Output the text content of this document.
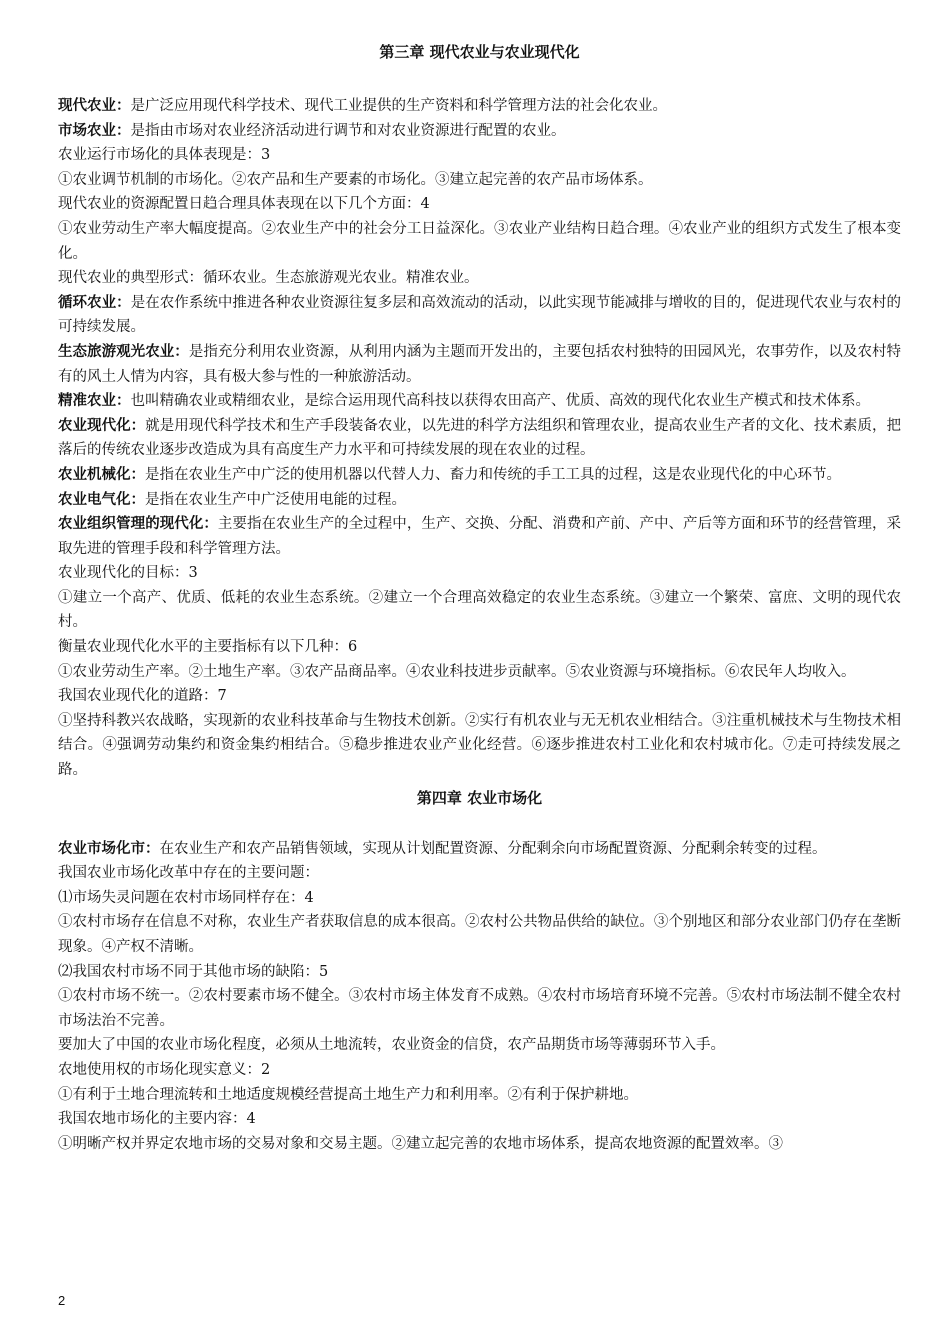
第三章 现代农业与农业现代化

现代农业：是广泛应用现代科学技术、现代工业提供的生产资料和科学管理方法的社会化农业。

市场农业：是指由市场对农业经济活动进行调节和对农业资源进行配置的农业。

农业运行市场化的具体表现是：3

①农业调节机制的市场化。②农产品和生产要素的市场化。③建立起完善的农产品市场体系。

现代农业的资源配置日趋合理具体表现在以下几个方面：4

①农业劳动生产率大幅度提高。②农业生产中的社会分工日益深化。③农业产业结构日趋合理。④农业产业的组织方式发生了根本变化。

现代农业的典型形式：循环农业。生态旅游观光农业。精准农业。

循环农业：是在农作系统中推进各种农业资源往复多层和高效流动的活动，以此实现节能减排与增收的目的，促进现代农业与农村的可持续发展。

生态旅游观光农业：是指充分利用农业资源，从利用内涵为主题而开发出的，主要包括农村独特的田园风光，农事劳作，以及农村特有的风土人情为内容，具有极大参与性的一种旅游活动。

精准农业：也叫精确农业或精细农业，是综合运用现代高科技以获得农田高产、优质、高效的现代化农业生产模式和技术体系。

农业现代化：就是用现代科学技术和生产手段装备农业，以先进的科学方法组织和管理农业，提高农业生产者的文化、技术素质，把落后的传统农业逐步改造成为具有高度生产力水平和可持续发展的现在农业的过程。

农业机械化：是指在农业生产中广泛的使用机器以代替人力、畜力和传统的手工工具的过程，这是农业现代化的中心环节。

农业电气化：是指在农业生产中广泛使用电能的过程。

农业组织管理的现代化：主要指在农业生产的全过程中，生产、交换、分配、消费和产前、产中、产后等方面和环节的经营管理，采取先进的管理手段和科学管理方法。

农业现代化的目标：3

①建立一个高产、优质、低耗的农业生态系统。②建立一个合理高效稳定的农业生态系统。③建立一个繁荣、富庶、文明的现代农村。

衡量农业现代化水平的主要指标有以下几种：6

①农业劳动生产率。②土地生产率。③农产品商品率。④农业科技进步贡献率。⑤农业资源与环境指标。⑥农民年人均收入。

我国农业现代化的道路：7

①坚持科教兴农战略，实现新的农业科技革命与生物技术创新。②实行有机农业与无无机农业相结合。③注重机械技术与生物技术相结合。④强调劳动集约和资金集约相结合。⑤稳步推进农业产业化经营。⑥逐步推进农村工业化和农村城市化。⑦走可持续发展之路。

第四章 农业市场化

农业市场化市：在农业生产和农产品销售领域，实现从计划配置资源、分配剩余向市场配置资源、分配剩余转变的过程。

我国农业市场化改革中存在的主要问题：

⑴市场失灵问题在农村市场同样存在：4

①农村市场存在信息不对称，农业生产者获取信息的成本很高。②农村公共物品供给的缺位。③个别地区和部分农业部门仍存在垄断现象。④产权不清晰。

⑵我国农村市场不同于其他市场的缺陷：5

①农村市场不统一。②农村要素市场不健全。③农村市场主体发育不成熟。④农村市场培育环境不完善。⑤农村市场法制不健全农村市场法治不完善。

要加大了中国的农业市场化程度，必须从土地流转，农业资金的信贷，农产品期货市场等薄弱环节入手。

农地使用权的市场化现实意义：2

①有利于土地合理流转和土地适度规模经营提高土地生产力和利用率。②有利于保护耕地。

我国农地市场化的主要内容：4

①明晰产权并界定农地市场的交易对象和交易主题。②建立起完善的农地市场体系，提高农地资源的配置效率。③

2
